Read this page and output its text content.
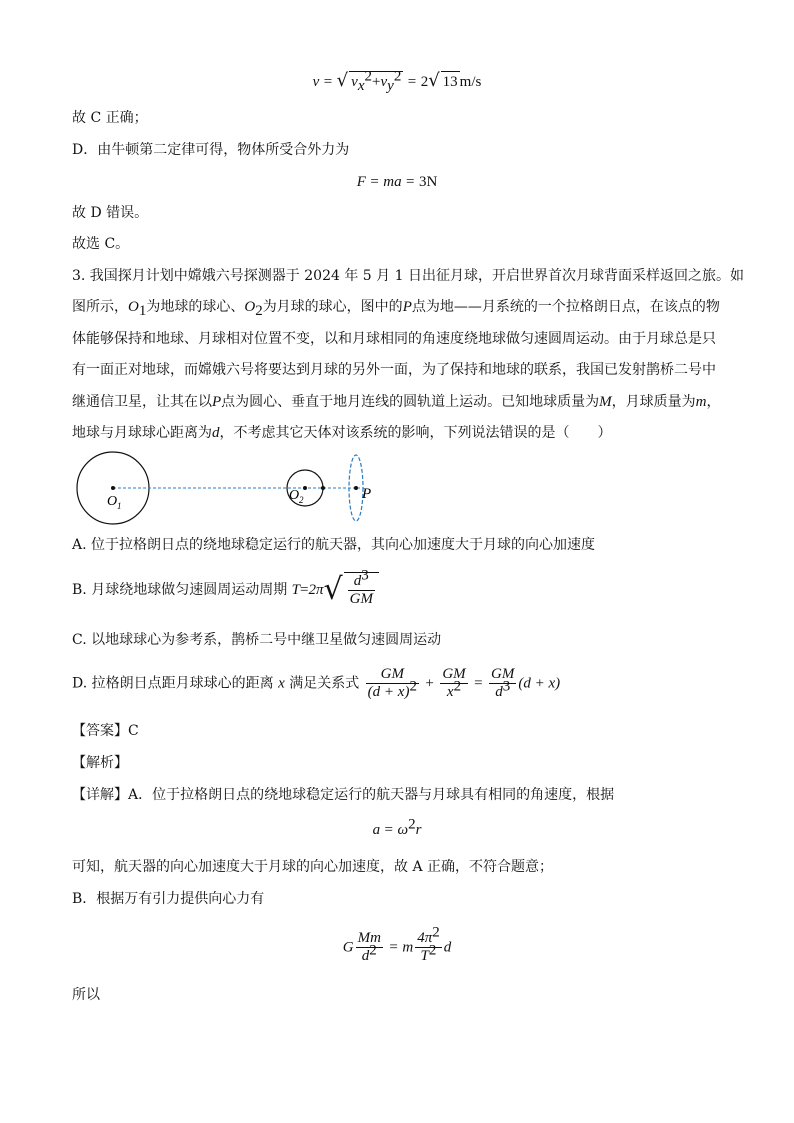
v = √ $v_x^2+v_y^2 = 2√$ 13 m/s
故 C 正确；
D．由牛顿第二定律可得，物体所受合外力为
F = ma = 3N
故 D 错误。
故选 C。
3. 我国探月计划中嫦娥六号探测器于 2024 年 5 月 1 日出征月球，开启世界首次月球背面采样返回之旅。如
图所示，$O_1$为地球的球心、$O_2$为月球的球心，图中的P点为地——月系统的一个拉格朗日点，在该点的物
体能够保持和地球、月球相对位置不变，以和月球相同的角速度绕地球做匀速圆周运动。由于月球总是只
有一面正对地球，而嫦娥六号将要达到月球的另外一面，为了保持和地球的联系，我国已发射鹊桥二号中
继通信卫星，让其在以P点为圆心、垂直于地月连线的圆轨道上运动。已知地球质量为M，月球质量为m，
地球与月球球心距离为d，不考虑其它天体对该系统的影响，下列说法错误的是（　　）
O 1
O 2	P
A. 位于拉格朗日点的绕地球稳定运行的航天器，其向心加速度大于月球的向心加速度
B. 月球绕地球做匀速圆周运动周期 $T=2\pi√ \frac{d^3}{GM}$
C. 以地球球心为参考系，鹊桥二号中继卫星做匀速圆周运动
D. 拉格朗日点距月球球心的距离 x 满足关系式 $\frac{GM}{(d + x)^2} + \frac{GM}{x^2} = \frac{GM}{d^3} (d + x)$
【答案】C
【解析】
【详解】A．位于拉格朗日点的绕地球稳定运行的航天器与月球具有相同的角速度，根据
$a = \omega^2r$
可知，航天器的向心加速度大于月球的向心加速度，故 A 正确，不符合题意；
B．根据万有引力提供向心力有
G $\frac{Mm}{d^2} = m \frac{4\pi^2}{T^2}$ d
所以
